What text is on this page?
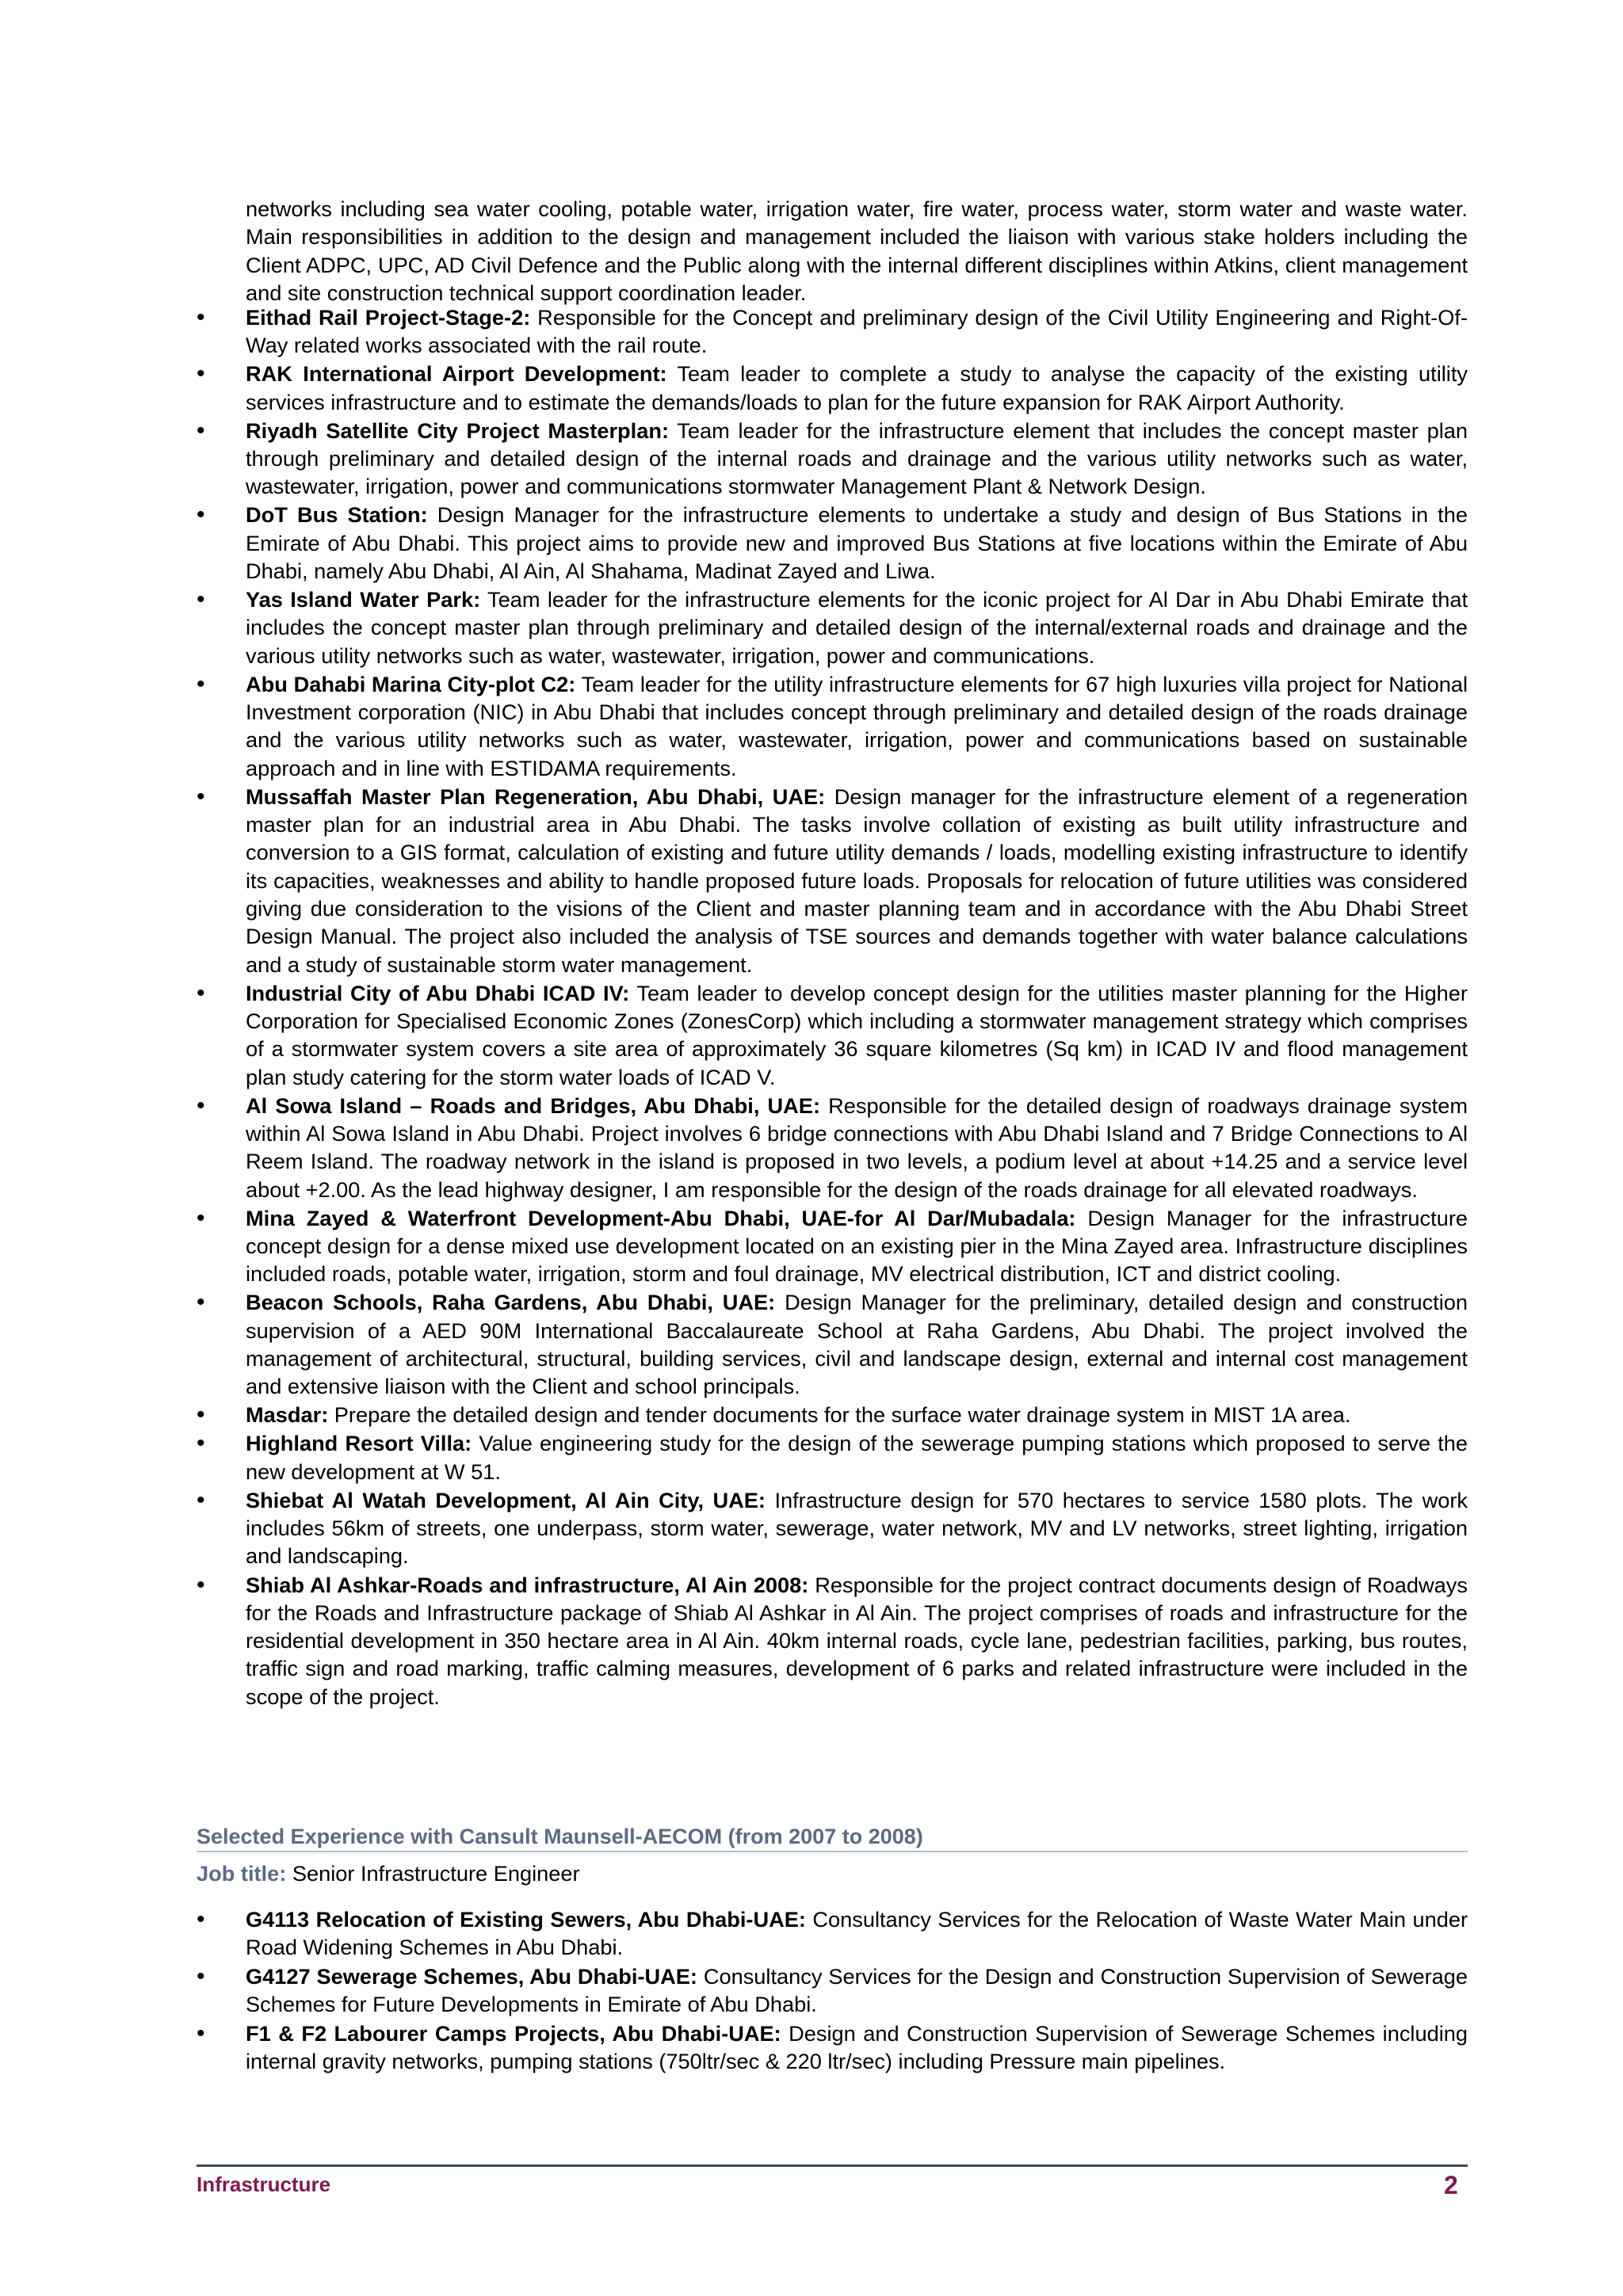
networks including sea water cooling, potable water, irrigation water, fire water, process water, storm water and waste water. Main responsibilities in addition to the design and management included the liaison with various stake holders including the Client ADPC, UPC, AD Civil Defence and the Public along with the internal different disciplines within Atkins, client management and site construction technical support coordination leader.

• Eithad Rail Project-Stage-2: Responsible for the Concept and preliminary design of the Civil Utility Engineering and Right-Of-Way related works associated with the rail route.
• RAK International Airport Development: Team leader to complete a study to analyse the capacity of the existing utility services infrastructure and to estimate the demands/loads to plan for the future expansion for RAK Airport Authority.
• Riyadh Satellite City Project Masterplan: Team leader for the infrastructure element that includes the concept master plan through preliminary and detailed design of the internal roads and drainage and the various utility networks such as water, wastewater, irrigation, power and communications stormwater Management Plant & Network Design.
• DoT Bus Station: Design Manager for the infrastructure elements to undertake a study and design of Bus Stations in the Emirate of Abu Dhabi. This project aims to provide new and improved Bus Stations at five locations within the Emirate of Abu Dhabi, namely Abu Dhabi, Al Ain, Al Shahama, Madinat Zayed and Liwa.
• Yas Island Water Park: Team leader for the infrastructure elements for the iconic project for Al Dar in Abu Dhabi Emirate that includes the concept master plan through preliminary and detailed design of the internal/external roads and drainage and the various utility networks such as water, wastewater, irrigation, power and communications.
• Abu Dahabi Marina City-plot C2: Team leader for the utility infrastructure elements for 67 high luxuries villa project for National Investment corporation (NIC) in Abu Dhabi that includes concept through preliminary and detailed design of the roads drainage and the various utility networks such as water, wastewater, irrigation, power and communications based on sustainable approach and in line with ESTIDAMA requirements.
• Mussaffah Master Plan Regeneration, Abu Dhabi, UAE: Design manager for the infrastructure element of a regeneration master plan for an industrial area in Abu Dhabi. The tasks involve collation of existing as built utility infrastructure and conversion to a GIS format, calculation of existing and future utility demands / loads, modelling existing infrastructure to identify its capacities, weaknesses and ability to handle proposed future loads. Proposals for relocation of future utilities was considered giving due consideration to the visions of the Client and master planning team and in accordance with the Abu Dhabi Street Design Manual. The project also included the analysis of TSE sources and demands together with water balance calculations and a study of sustainable storm water management.
• Industrial City of Abu Dhabi ICAD IV: Team leader to develop concept design for the utilities master planning for the Higher Corporation for Specialised Economic Zones (ZonesCorp) which including a stormwater management strategy which comprises of a stormwater system covers a site area of approximately 36 square kilometres (Sq km) in ICAD IV and flood management plan study catering for the storm water loads of ICAD V.
• Al Sowa Island – Roads and Bridges, Abu Dhabi, UAE: Responsible for the detailed design of roadways drainage system within Al Sowa Island in Abu Dhabi. Project involves 6 bridge connections with Abu Dhabi Island and 7 Bridge Connections to Al Reem Island. The roadway network in the island is proposed in two levels, a podium level at about +14.25 and a service level about +2.00. As the lead highway designer, I am responsible for the design of the roads drainage for all elevated roadways.
• Mina Zayed & Waterfront Development-Abu Dhabi, UAE-for Al Dar/Mubadala: Design Manager for the infrastructure concept design for a dense mixed use development located on an existing pier in the Mina Zayed area. Infrastructure disciplines included roads, potable water, irrigation, storm and foul drainage, MV electrical distribution, ICT and district cooling.
• Beacon Schools, Raha Gardens, Abu Dhabi, UAE: Design Manager for the preliminary, detailed design and construction supervision of a AED 90M International Baccalaureate School at Raha Gardens, Abu Dhabi. The project involved the management of architectural, structural, building services, civil and landscape design, external and internal cost management and extensive liaison with the Client and school principals.
• Masdar: Prepare the detailed design and tender documents for the surface water drainage system in MIST 1A area.
• Highland Resort Villa: Value engineering study for the design of the sewerage pumping stations which proposed to serve the new development at W 51.
• Shiebat Al Watah Development, Al Ain City, UAE: Infrastructure design for 570 hectares to service 1580 plots. The work includes 56km of streets, one underpass, storm water, sewerage, water network, MV and LV networks, street lighting, irrigation and landscaping.
• Shiab Al Ashkar-Roads and infrastructure, Al Ain 2008: Responsible for the project contract documents design of Roadways for the Roads and Infrastructure package of Shiab Al Ashkar in Al Ain. The project comprises of roads and infrastructure for the residential development in 350 hectare area in Al Ain. 40km internal roads, cycle lane, pedestrian facilities, parking, bus routes, traffic sign and road marking, traffic calming measures, development of 6 parks and related infrastructure were included in the scope of the project.
Selected Experience with Cansult Maunsell-AECOM (from 2007 to 2008)
Job title: Senior Infrastructure Engineer
• G4113 Relocation of Existing Sewers, Abu Dhabi-UAE: Consultancy Services for the Relocation of Waste Water Main under Road Widening Schemes in Abu Dhabi.
• G4127 Sewerage Schemes, Abu Dhabi-UAE: Consultancy Services for the Design and Construction Supervision of Sewerage Schemes for Future Developments in Emirate of Abu Dhabi.
• F1 & F2 Labourer Camps Projects, Abu Dhabi-UAE: Design and Construction Supervision of Sewerage Schemes including internal gravity networks, pumping stations (750ltr/sec & 220 ltr/sec) including Pressure main pipelines.
Infrastructure	2
